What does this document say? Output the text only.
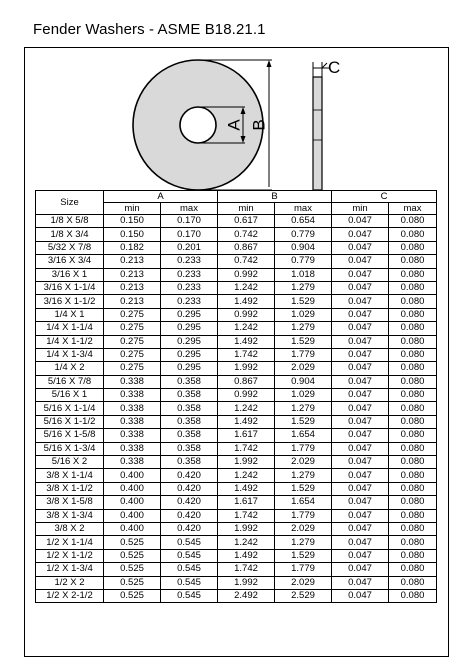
Fender Washers - ASME B18.21.1
A B
C
Size	A		B		C	
	min	max	min	max	min	max
1/8 X 5/8	0.150	0.170	0.617	0.654	0.047	0.080
1/8 X 3/4	0.150	0.170	0.742	0.779	0.047	0.080
5/32 X 7/8	0.182	0.201	0.867	0.904	0.047	0.080
3/16 X 3/4	0.213	0.233	0.742	0.779	0.047	0.080
3/16 X 1	0.213	0.233	0.992	1.018	0.047	0.080
3/16 X 1-1/4	0.213	0.233	1.242	1.279	0.047	0.080
3/16 X 1-1/2	0.213	0.233	1.492	1.529	0.047	0.080
1/4 X 1	0.275	0.295	0.992	1.029	0.047	0.080
1/4 X 1-1/4	0.275	0.295	1.242	1.279	0.047	0.080
1/4 X 1-1/2	0.275	0.295	1.492	1.529	0.047	0.080
1/4 X 1-3/4	0.275	0.295	1.742	1.779	0.047	0.080
1/4 X 2	0.275	0.295	1.992	2.029	0.047	0.080
5/16 X 7/8	0.338	0.358	0.867	0.904	0.047	0.080
5/16 X 1	0.338	0.358	0.992	1.029	0.047	0.080
5/16 X 1-1/4	0.338	0.358	1.242	1.279	0.047	0.080
5/16 X 1-1/2	0.338	0.358	1.492	1.529	0.047	0.080
5/16 X 1-5/8	0.338	0.358	1.617	1.654	0.047	0.080
5/16 X 1-3/4	0.338	0.358	1.742	1.779	0.047	0.080
5/16 X 2	0.338	0.358	1.992	2.029	0.047	0.080
3/8 X 1-1/4	0.400	0.420	1.242	1.279	0.047	0.080
3/8 X 1-1/2	0.400	0.420	1.492	1.529	0.047	0.080
3/8 X 1-5/8	0.400	0.420	1.617	1.654	0.047	0.080
3/8 X 1-3/4	0.400	0.420	1.742	1.779	0.047	0.080
3/8 X 2	0.400	0.420	1.992	2.029	0.047	0.080
1/2 X 1-1/4	0.525	0.545	1.242	1.279	0.047	0.080
1/2 X 1-1/2	0.525	0.545	1.492	1.529	0.047	0.080
1/2 X 1-3/4	0.525	0.545	1.742	1.779	0.047	0.080
1/2 X 2	0.525	0.545	1.992	2.029	0.047	0.080
1/2 X 2-1/2	0.525	0.545	2.492	2.529	0.047	0.080
